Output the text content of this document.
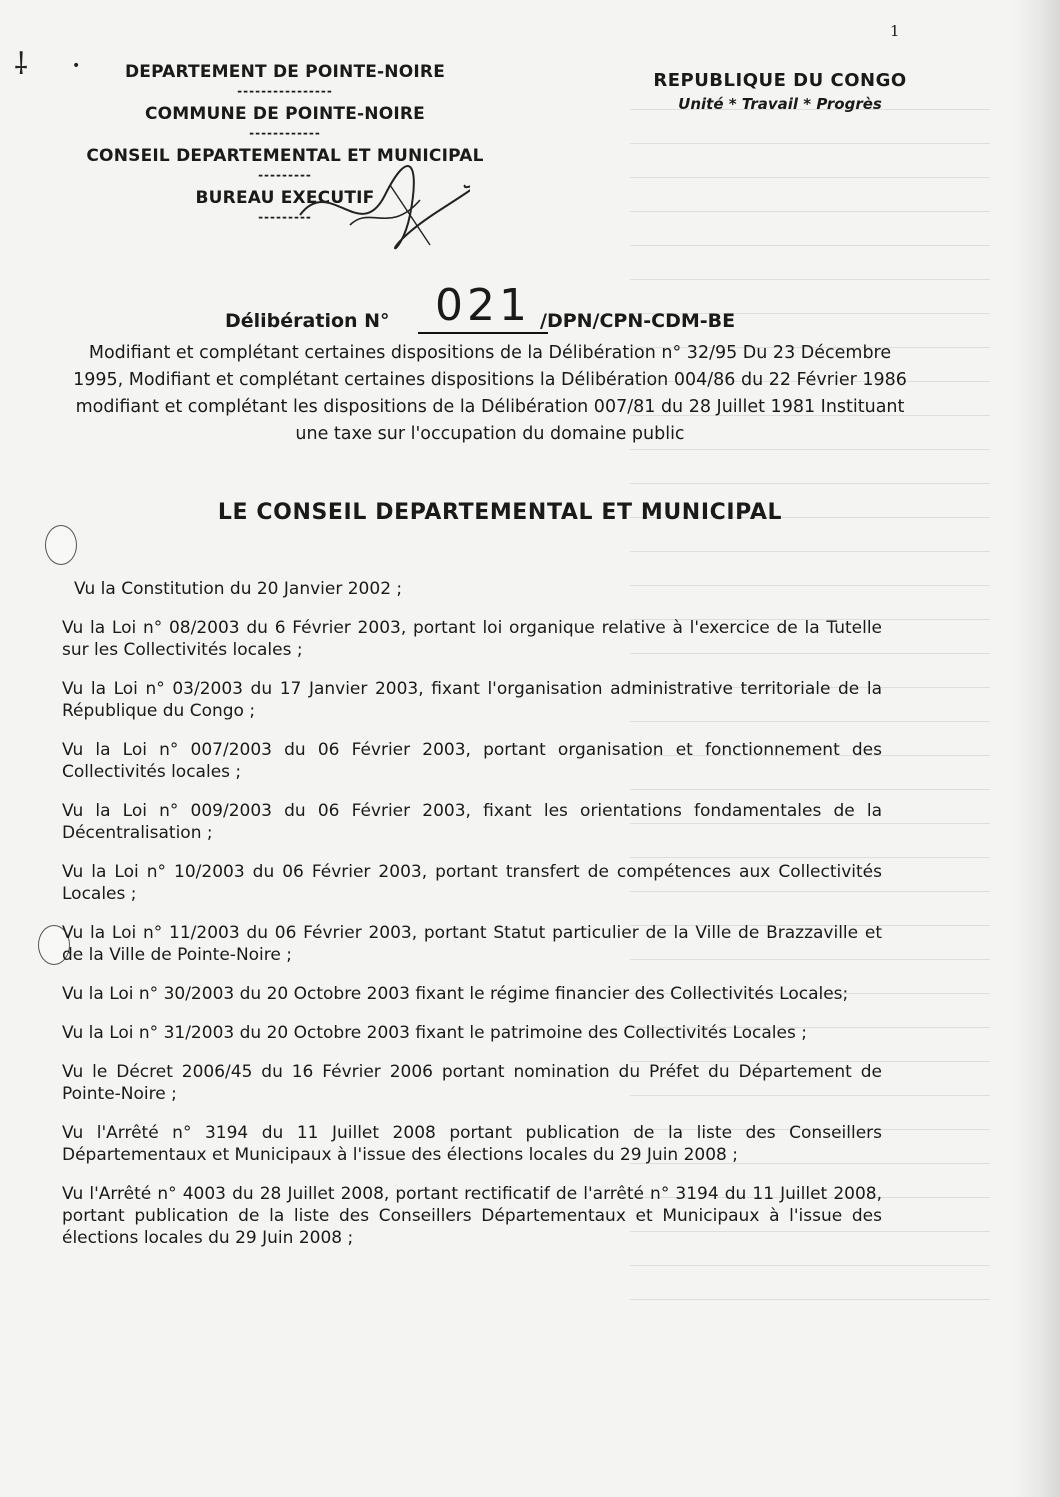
⸸	•
1
DEPARTEMENT DE POINTE-NOIRE
----------------
COMMUNE DE POINTE-NOIRE
------------
CONSEIL DEPARTEMENTAL ET MUNICIPAL
---------
BUREAU EXECUTIF
---------
REPUBLIQUE DU CONGO
Unité * Travail * Progrès
Délibération N°	021 /DPN/CPN-CDM-BE
Modifiant et complétant certaines dispositions de la Délibération n° 32/95 Du 23 Décembre 1995, Modifiant et complétant certaines dispositions la Délibération 004/86 du 22 Février 1986 modifiant et complétant les dispositions de la Délibération 007/81 du 28 Juillet 1981 Instituant une taxe sur l'occupation du domaine public
LE CONSEIL DEPARTEMENTAL ET MUNICIPAL

Vu la Constitution du 20 Janvier 2002 ;

Vu la Loi n° 08/2003 du 6 Février 2003, portant loi organique relative à l'exercice de la Tutelle sur les Collectivités locales ;

Vu la Loi n° 03/2003 du 17 Janvier 2003, fixant l'organisation administrative territoriale de la République du Congo ;

Vu la Loi n° 007/2003 du 06 Février 2003, portant organisation et fonctionnement des Collectivités locales ;

Vu la Loi n° 009/2003 du 06 Février 2003, fixant les orientations fondamentales de la Décentralisation ;

Vu la Loi n° 10/2003 du 06 Février 2003, portant transfert de compétences aux Collectivités Locales ;

Vu la Loi n° 11/2003 du 06 Février 2003, portant Statut particulier de la Ville de Brazzaville et de la Ville de Pointe-Noire ;

Vu la Loi n° 30/2003 du 20 Octobre 2003 fixant le régime financier des Collectivités Locales;

Vu la Loi n° 31/2003 du 20 Octobre 2003 fixant le patrimoine des Collectivités Locales ;

Vu le Décret 2006/45 du 16 Février 2006 portant nomination du Préfet du Département de Pointe-Noire ;

Vu l'Arrêté n° 3194 du 11 Juillet 2008 portant publication de la liste des Conseillers Départementaux et Municipaux à l'issue des élections locales du 29 Juin 2008 ;

Vu l'Arrêté n° 4003 du 28 Juillet 2008, portant rectificatif de l'arrêté n° 3194 du 11 Juillet 2008, portant publication de la liste des Conseillers Départementaux et Municipaux à l'issue des élections locales du 29 Juin 2008 ;
